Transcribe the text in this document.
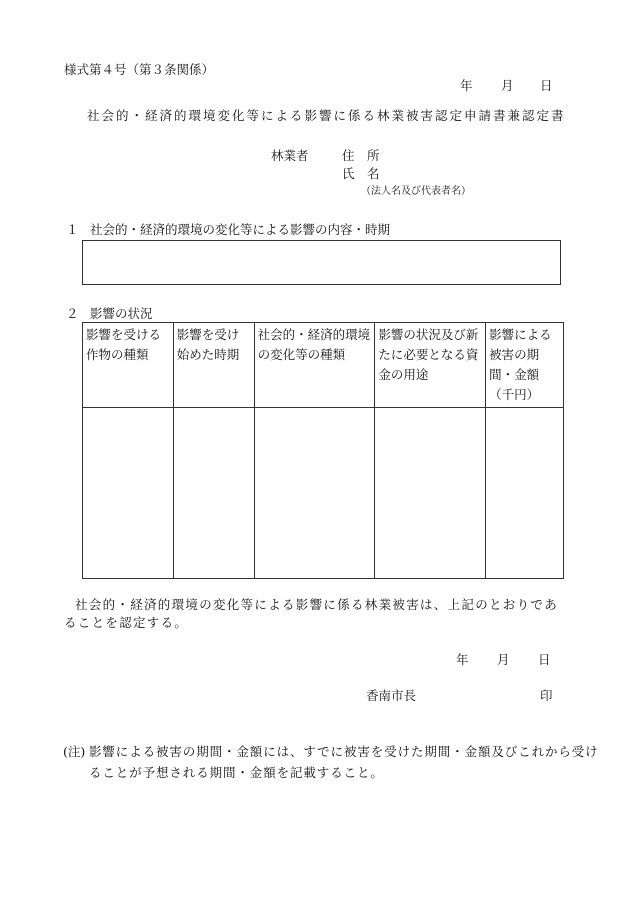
様式第４号（第３条関係）
年 月 日
社会的・経済的環境変化等による影響に係る林業被害認定申請書兼認定書
林業者	住　所
氏　名
（法人名及び代表者名）
１ 社会的・経済的環境の変化等による影響の内容・時期
２ 影響の状況
影響を受ける作物の種類	影響を受け始めた時期	社会的・経済的環境の変化等の種類	影響の状況及び新たに必要となる資金の用途	影響による被害の期間・金額（千円）

社会的・経済的環境の変化等による影響に係る林業被害は、上記のとおりであ
ることを認定する。
年 月 日
香南市長	印
(注) 影響による被害の期間・金額には、すでに被害を受けた期間・金額及びこれから受け
ることが予想される期間・金額を記載すること。
